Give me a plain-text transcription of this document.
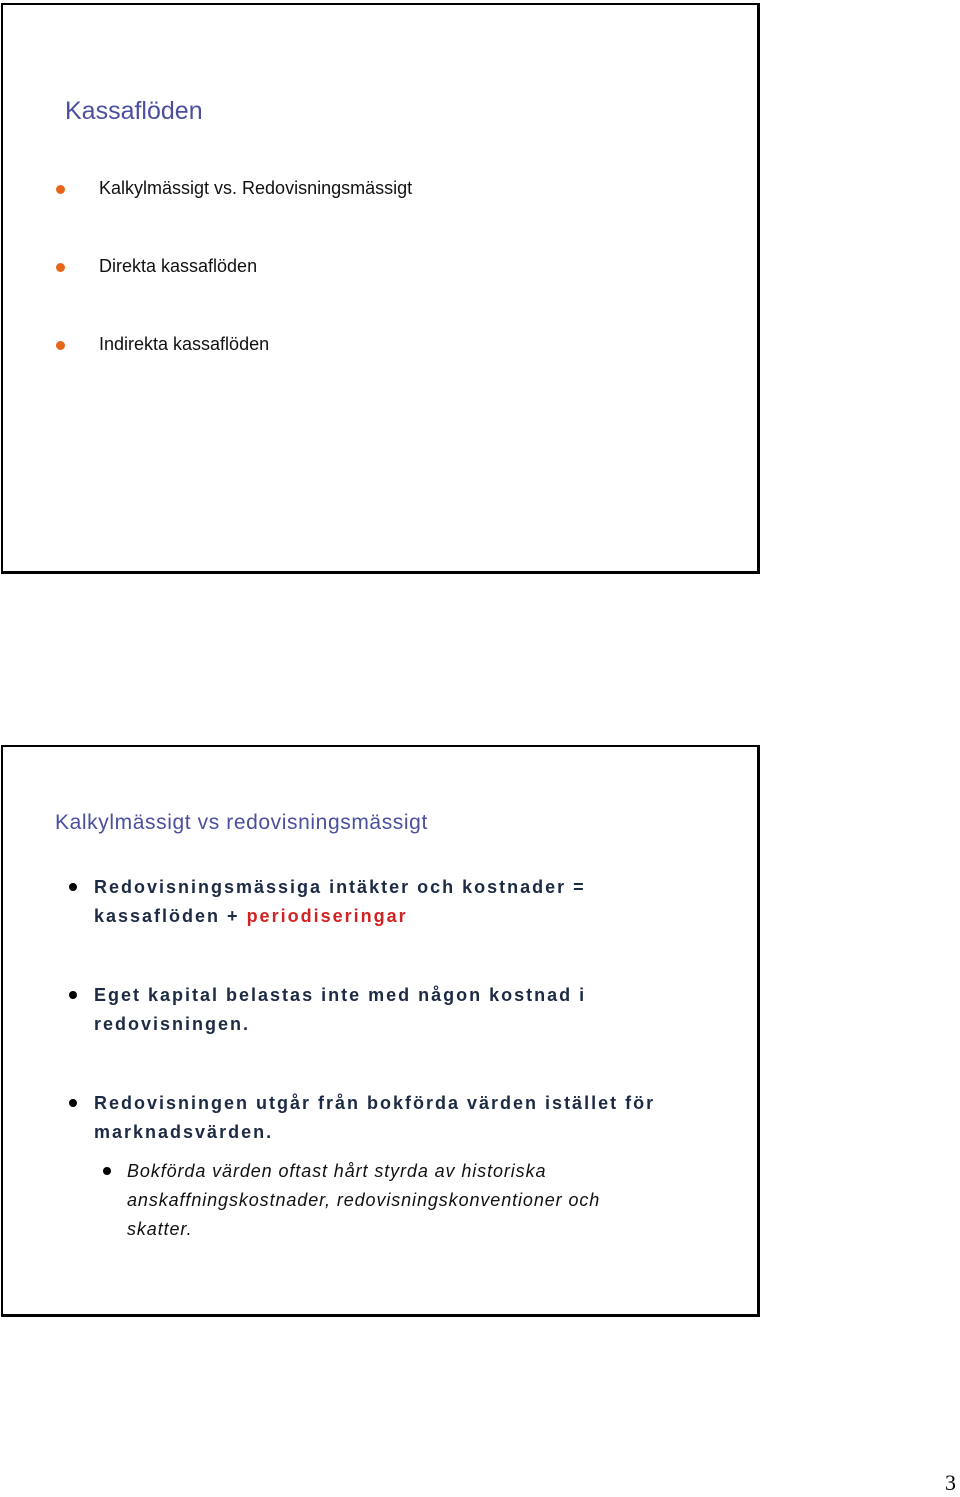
Kassaflöden
Kalkylmässigt vs. Redovisningsmässigt
Direkta kassaflöden
Indirekta kassaflöden
Kalkylmässigt vs redovisningsmässigt
Redovisningsmässiga intäkter och kostnader =
kassaflöden + periodiseringar
Eget kapital belastas inte med någon kostnad i
redovisningen.
Redovisningen utgår från bokförda värden istället för
marknadsvärden.
Bokförda värden oftast hårt styrda av historiska
anskaffningskostnader, redovisningskonventioner och
skatter.
3
